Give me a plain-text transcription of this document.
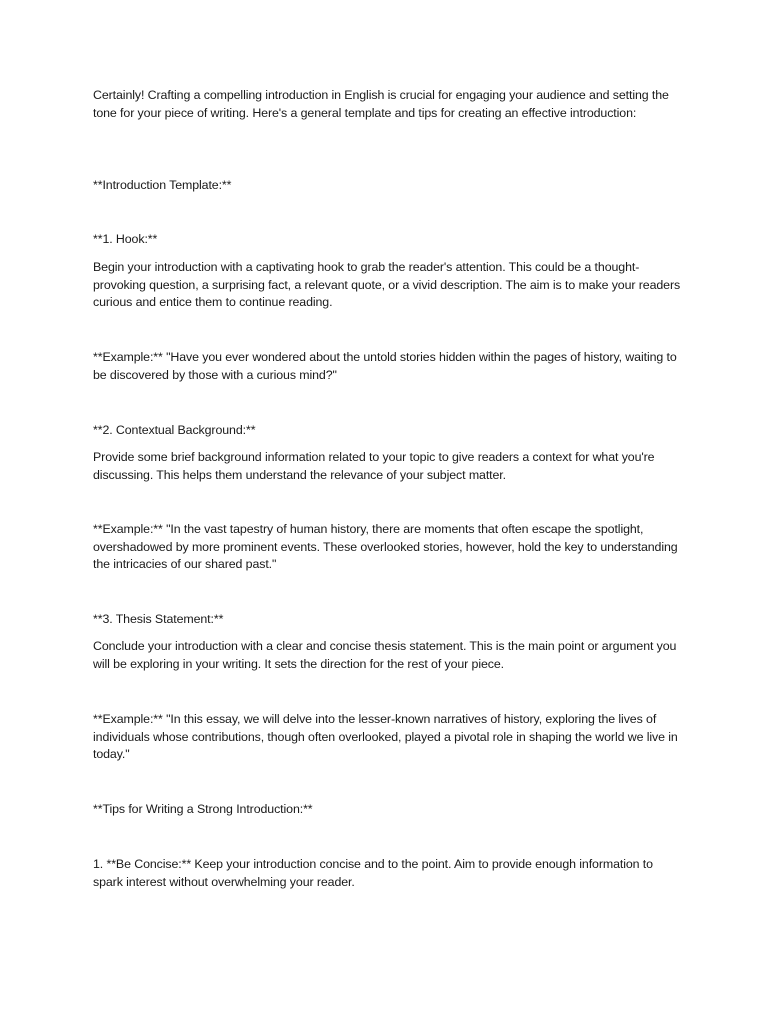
Certainly! Crafting a compelling introduction in English is crucial for engaging your audience and setting the tone for your piece of writing. Here's a general template and tips for creating an effective introduction:

**Introduction Template:**

**1. Hook:**

Begin your introduction with a captivating hook to grab the reader's attention. This could be a thought-provoking question, a surprising fact, a relevant quote, or a vivid description. The aim is to make your readers curious and entice them to continue reading.

**Example:** "Have you ever wondered about the untold stories hidden within the pages of history, waiting to be discovered by those with a curious mind?"

**2. Contextual Background:**

Provide some brief background information related to your topic to give readers a context for what you're discussing. This helps them understand the relevance of your subject matter.

**Example:** "In the vast tapestry of human history, there are moments that often escape the spotlight, overshadowed by more prominent events. These overlooked stories, however, hold the key to understanding the intricacies of our shared past."

**3. Thesis Statement:**

Conclude your introduction with a clear and concise thesis statement. This is the main point or argument you will be exploring in your writing. It sets the direction for the rest of your piece.

**Example:** "In this essay, we will delve into the lesser-known narratives of history, exploring the lives of individuals whose contributions, though often overlooked, played a pivotal role in shaping the world we live in today."

**Tips for Writing a Strong Introduction:**

1. **Be Concise:** Keep your introduction concise and to the point. Aim to provide enough information to spark interest without overwhelming your reader.
